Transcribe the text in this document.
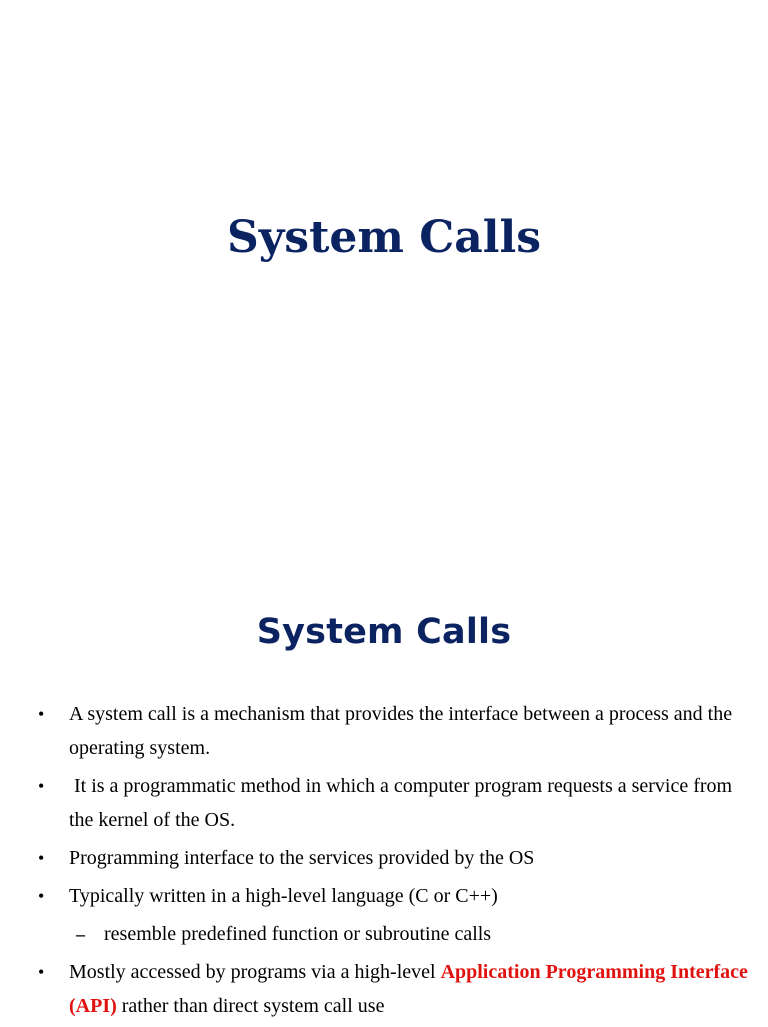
System Calls
System Calls
•	A system call is a mechanism that provides the interface between a process and the operating system.
•	It is a programmatic method in which a computer program requests a service from the kernel of the OS.
•	Programming interface to the services provided by the OS
•	Typically written in a high-level language (C or C++)
– resemble predefined function or subroutine calls
•	Mostly accessed by programs via a high-level Application Programming Interface (API) rather than direct system call use
